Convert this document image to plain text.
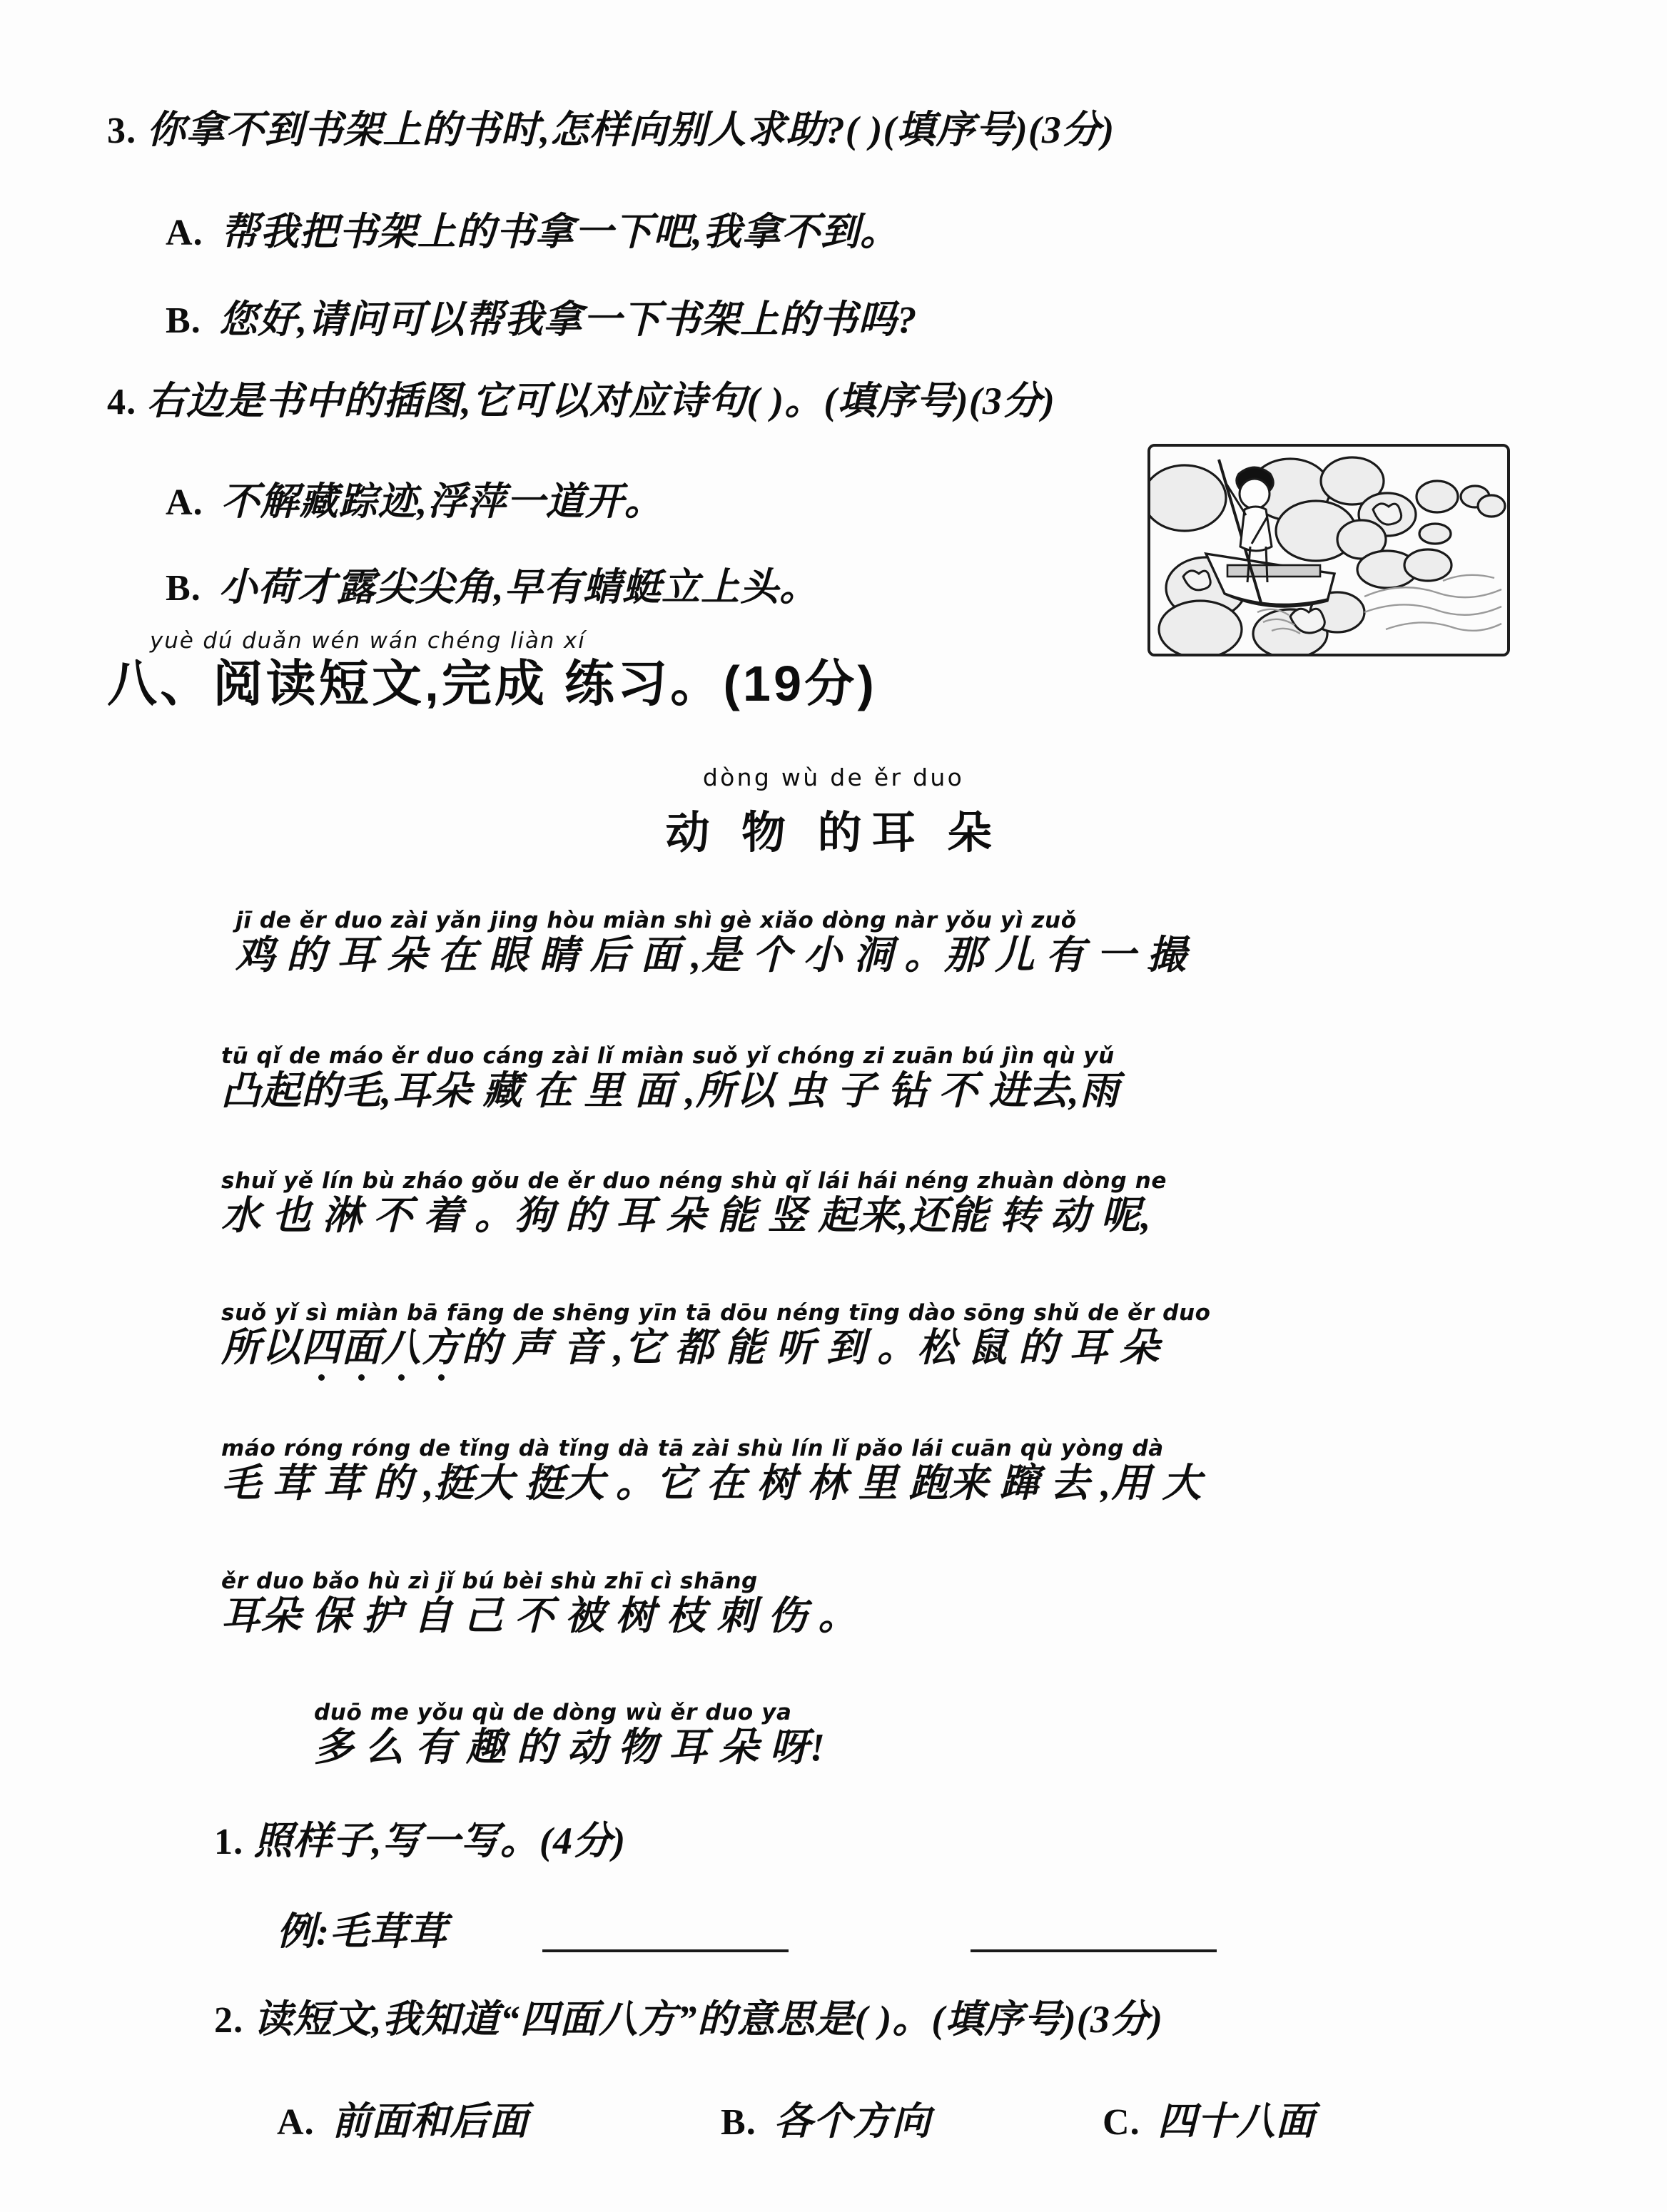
3. 你拿不到书架上的书时,怎样向别人求助?( )(填序号)(3分)
A. 帮我把书架上的书拿一下吧,我拿不到。
B. 您好,请问可以帮我拿一下书架上的书吗?
4. 右边是书中的插图,它可以对应诗句( )。(填序号)(3分)
A. 不解藏踪迹,浮萍一道开。
B. 小荷才露尖尖角,早有蜻蜓立上头。
yuè dú duǎn wén wán chéng liàn xí
八、阅读短文,完成 练习。(19分)
dòng wù de ěr duo
动 物 的耳 朵
jī de ěr duo zài yǎn jing hòu miàn shì gè xiǎo dòng nàr yǒu yì zuǒ
鸡 的 耳 朵 在 眼 睛 后 面 ,是 个 小 洞 。那 儿 有 一 撮
tū qǐ de máo ěr duo cáng zài lǐ miàn suǒ yǐ chóng zi zuān bú jìn qù yǔ
凸起的毛,耳朵 藏 在 里 面 ,所以 虫 子 钻 不 进去,雨
shuǐ yě lín bù zháo gǒu de ěr duo néng shù qǐ lái hái néng zhuàn dòng ne
水 也 淋 不 着 。狗 的 耳 朵 能 竖 起来,还能 转 动 呢,
suǒ yǐ sì miàn bā fāng de shēng yīn tā dōu néng tīng dào sōng shǔ de ěr duo
所以四面八方的 声 音 ,它 都 能 听 到 。松 鼠 的 耳 朵
máo róng róng de tǐng dà tǐng dà tā zài shù lín lǐ pǎo lái cuān qù yòng dà
毛 茸 茸 的 ,挺大 挺大 。它 在 树 林 里 跑来 蹿 去 ,用 大
ěr duo bǎo hù zì jǐ bú bèi shù zhī cì shāng
耳朵 保 护 自 己 不 被 树 枝 刺 伤 。
duō me yǒu qù de dòng wù ěr duo ya
多 么 有 趣 的 动 物 耳 朵 呀!
1. 照样子,写一写。(4分)
例:毛茸茸
2. 读短文,我知道“四面八方”的意思是( )。(填序号)(3分)
A. 前面和后面	B. 各个方向	C. 四十八面
